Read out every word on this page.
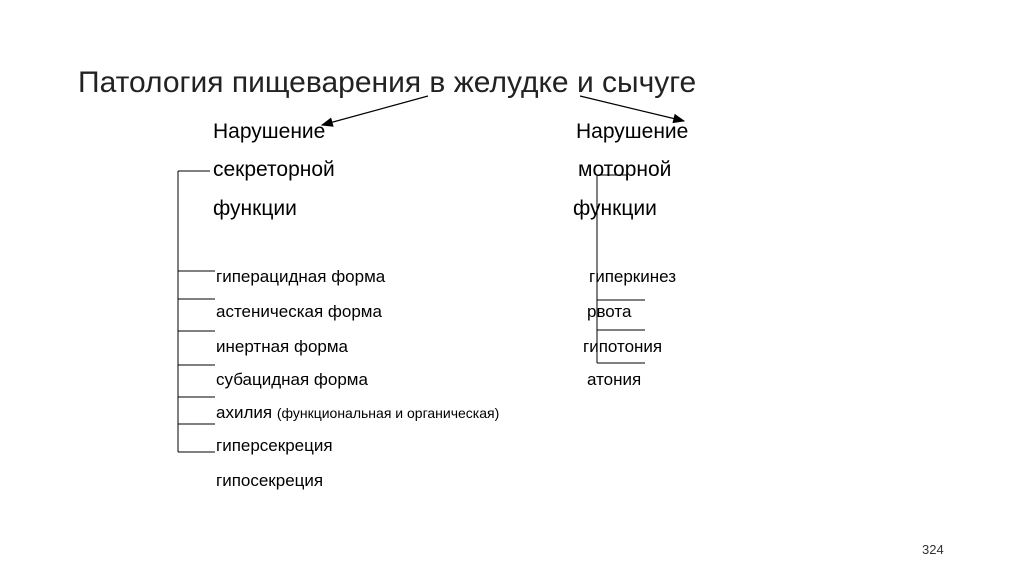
Патология пищеварения в желудке и сычуге
Нарушение
секреторной
функции
Нарушение
моторной
функции
гиперацидная форма
астеническая форма
инертная форма
субацидная форма
ахилия (функциональная и органическая)
гиперсекреция
гипосекреция
гиперкинез
рвота
гипотония
атония
324
